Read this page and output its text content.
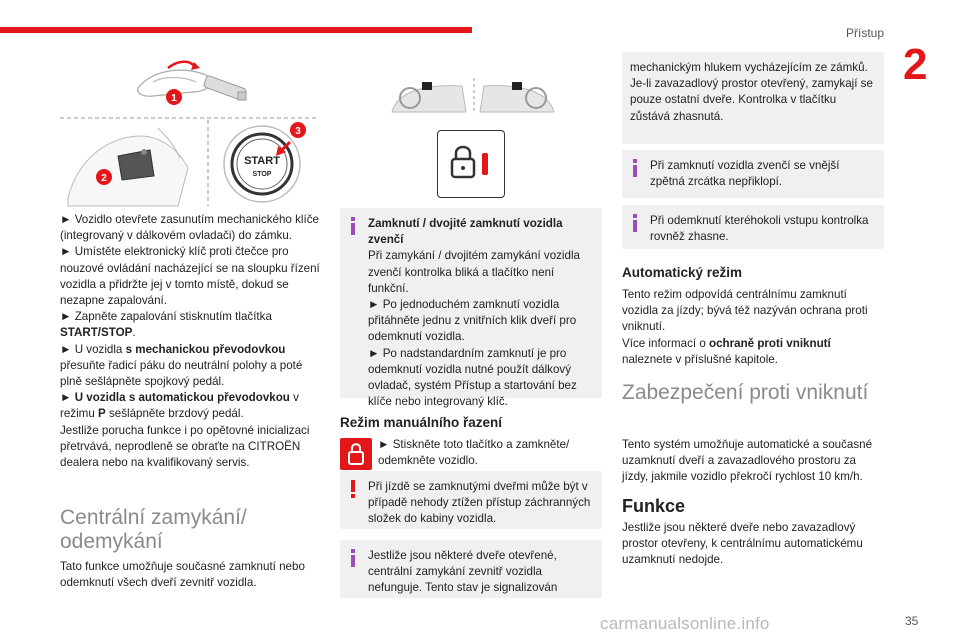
Přístup
2
1
2
START
STOP
3

► Vozidlo otevřete zasunutím mechanického klíče (integrovaný v dálkovém ovladači) do zámku.

► Umístěte elektronický klíč proti čtečce pro nouzové ovládání nacházející se na sloupku řízení vozidla a přidržte jej v tomto místě, dokud se nezapne zapalování.

► Zapněte zapalování stisknutím tlačítka START/STOP.

► U vozidla s mechanickou převodovkou přesuňte řadicí páku do neutrální polohy a poté plně sešlápněte spojkový pedál.

► U vozidla s automatickou převodovkou v režimu P sešlápněte brzdový pedál.

Jestliže porucha funkce i po opětovné inicializaci přetrvává, neprodleně se obraťte na CITROËN dealera nebo na kvalifikovaný servis.

Centrální zamykání/ odemykání
Tato funkce umožňuje současné zamknutí nebo odemknutí všech dveří zevnitř vozidla.

Zamknutí / dvojité zamknutí vozidla zvenčí

Při zamykání / dvojitém zamykání vozidla zvenčí kontrolka bliká a tlačítko není funkční.

► Po jednoduchém zamknutí vozidla přitáhněte jednu z vnitřních klik dveří pro odemknutí vozidla.

► Po nadstandardním zamknutí je pro odemknutí vozidla nutné použít dálkový ovladač, systém Přístup a startování bez klíče nebo integrovaný klíč.

Režim manuálního řazení
► Stiskněte toto tlačítko a zamkněte/ odemkněte vozidlo.

Při jízdě se zamknutými dveřmi může být v případě nehody ztížen přístup záchranných složek do kabiny vozidla.

Jestliže jsou některé dveře otevřené, centrální zamykání zevnitř vozidla nefunguje. Tento stav je signalizován

mechanickým hlukem vycházejícím ze zámků. Je-li zavazadlový prostor otevřený, zamykají se pouze ostatní dveře. Kontrolka v tlačítku zůstává zhasnutá.

Při zamknutí vozidla zvenčí se vnější zpětná zrcátka nepřiklopí.

Při odemknutí kteréhokoli vstupu kontrolka rovněž zhasne.

Automatický režim

Tento režim odpovídá centrálnímu zamknutí vozidla za jízdy; bývá též nazýván ochrana proti vniknutí.

Více informací o ochraně proti vniknutí naleznete v příslušné kapitole.

Zabezpečení proti vniknutí
Tento systém umožňuje automatické a současné uzamknutí dveří a zavazadlového prostoru za jízdy, jakmile vozidlo překročí rychlost 10 km/h.
Funkce
Jestliže jsou některé dveře nebo zavazadlový prostor otevřeny, k centrálnímu automatickému uzamknutí nedojde.
carmanualsonline.info	35
